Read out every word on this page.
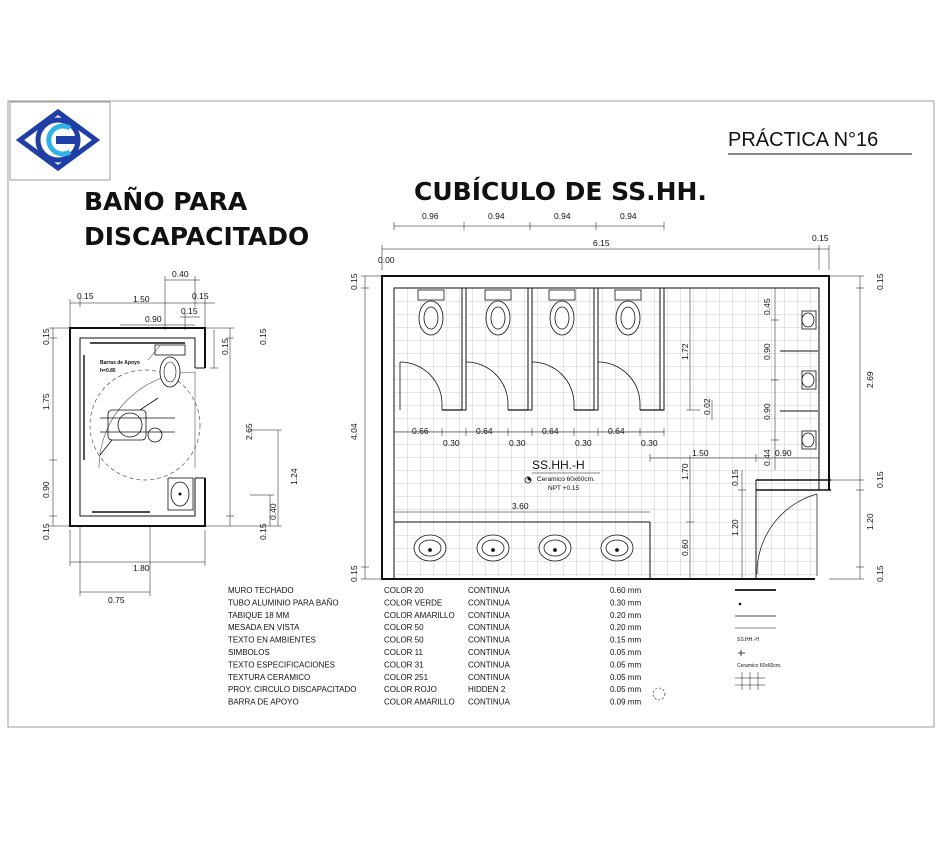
PRÁCTICA N°16
BAÑO PARA
DISCAPACITADO
CUBÍCULO DE SS.HH.
Barras de Apoyo
h=0.85
0.40
0.15	1.50	0.15
0.90
0.15
0.15
1.75
0.90
0.15
0.15
0.15
2.65
1.24
0.40
0.15
1.80
0.75
SS.HH.-H
Ceramico 60x60cm.
NPT +0.15
0.96	0.94	0.94	0.94
6.15	0.15
0.00
0.15
4.04
0.15
0.66	0.64	0.64	0.64
0.30	0.30	0.30	0.30
1.72
0.02
1.70
1.50
3.60
0.60
1.20
0.15
0.45
0.90
0.90
0.44 0.90
0.15
2.69
0.15
1.20
0.15
MURO TECHADO	COLOR 20	CONTINUA	0.60 mm
TUBO ALUMINIO PARA BAÑO	COLOR VERDE	CONTINUA	0.30 mm
TABIQUE 18 MM	COLOR AMARILLO CONTINUA	0.20 mm
MESADA EN VISTA	COLOR 50	CONTINUA	0.20 mm
TEXTO EN AMBIENTES	COLOR 50	CONTINUA	0.15 mm
SIMBOLOS	COLOR 11	CONTINUA	0.05 mm
TEXTO ESPECIFICACIONES	COLOR 31	CONTINUA	0.05 mm
TEXTURA CERAMICO	COLOR 251	CONTINUA	0.05 mm
PROY. CIRCULO DISCAPACITADO	COLOR ROJO	HIDDEN 2	0.05 mm
BARRA DE APOYO	COLOR AMARILLO CONTINUA	0.09 mm
SS.HH.-H
Ceramico 60x60cm.
